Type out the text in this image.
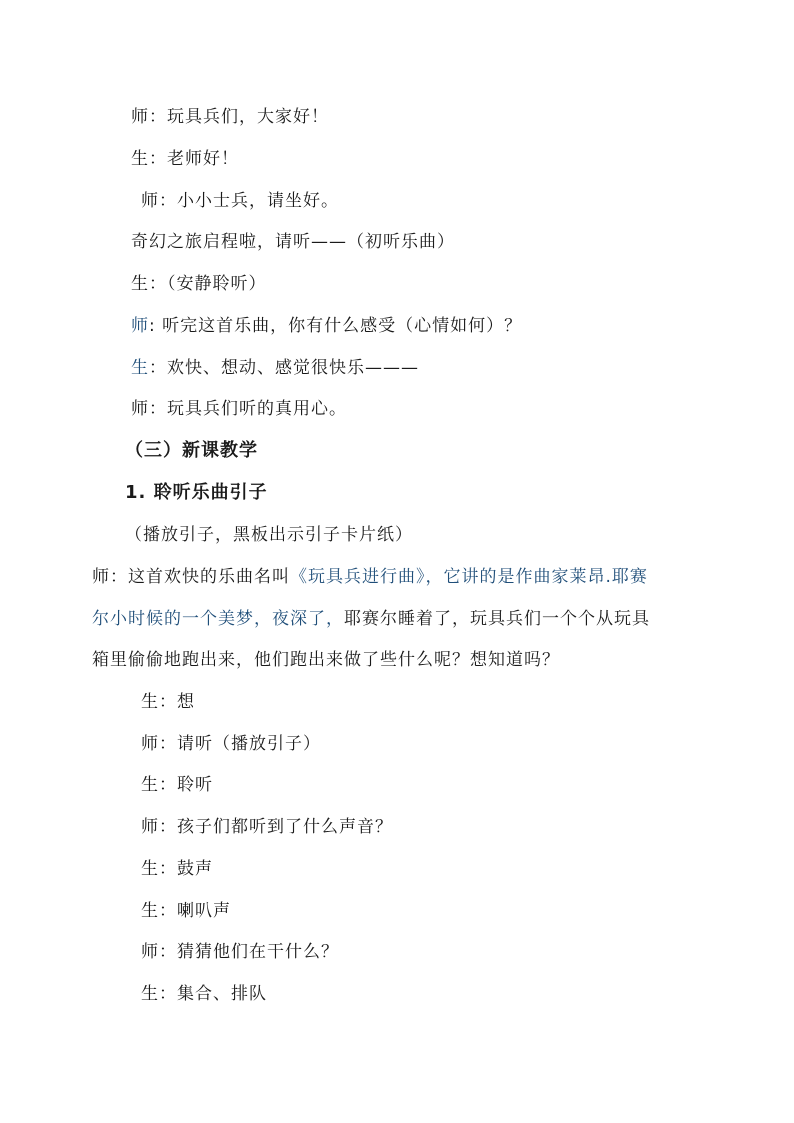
师：玩具兵们，大家好！
生：老师好！
师：小小士兵，请坐好。
奇幻之旅启程啦，请听——（初听乐曲）
生：（安静聆听）
师: 听完这首乐曲，你有什么感受（心情如何）？
生：欢快、想动、感觉很快乐———
师：玩具兵们听的真用心。
（三）新课教学
1. 聆听乐曲引子
（播放引子，黑板出示引子卡片纸）
师：这首欢快的乐曲名叫《玩具兵进行曲》，它讲的是作曲家莱昂.耶赛
尔小时候的一个美梦，夜深了，耶赛尔睡着了，玩具兵们一个个从玩具
箱里偷偷地跑出来，他们跑出来做了些什么呢？想知道吗？
生：想
师：请听（播放引子）
生：聆听
师：孩子们都听到了什么声音？
生：鼓声
生：喇叭声
师：猜猜他们在干什么？
生：集合、排队
